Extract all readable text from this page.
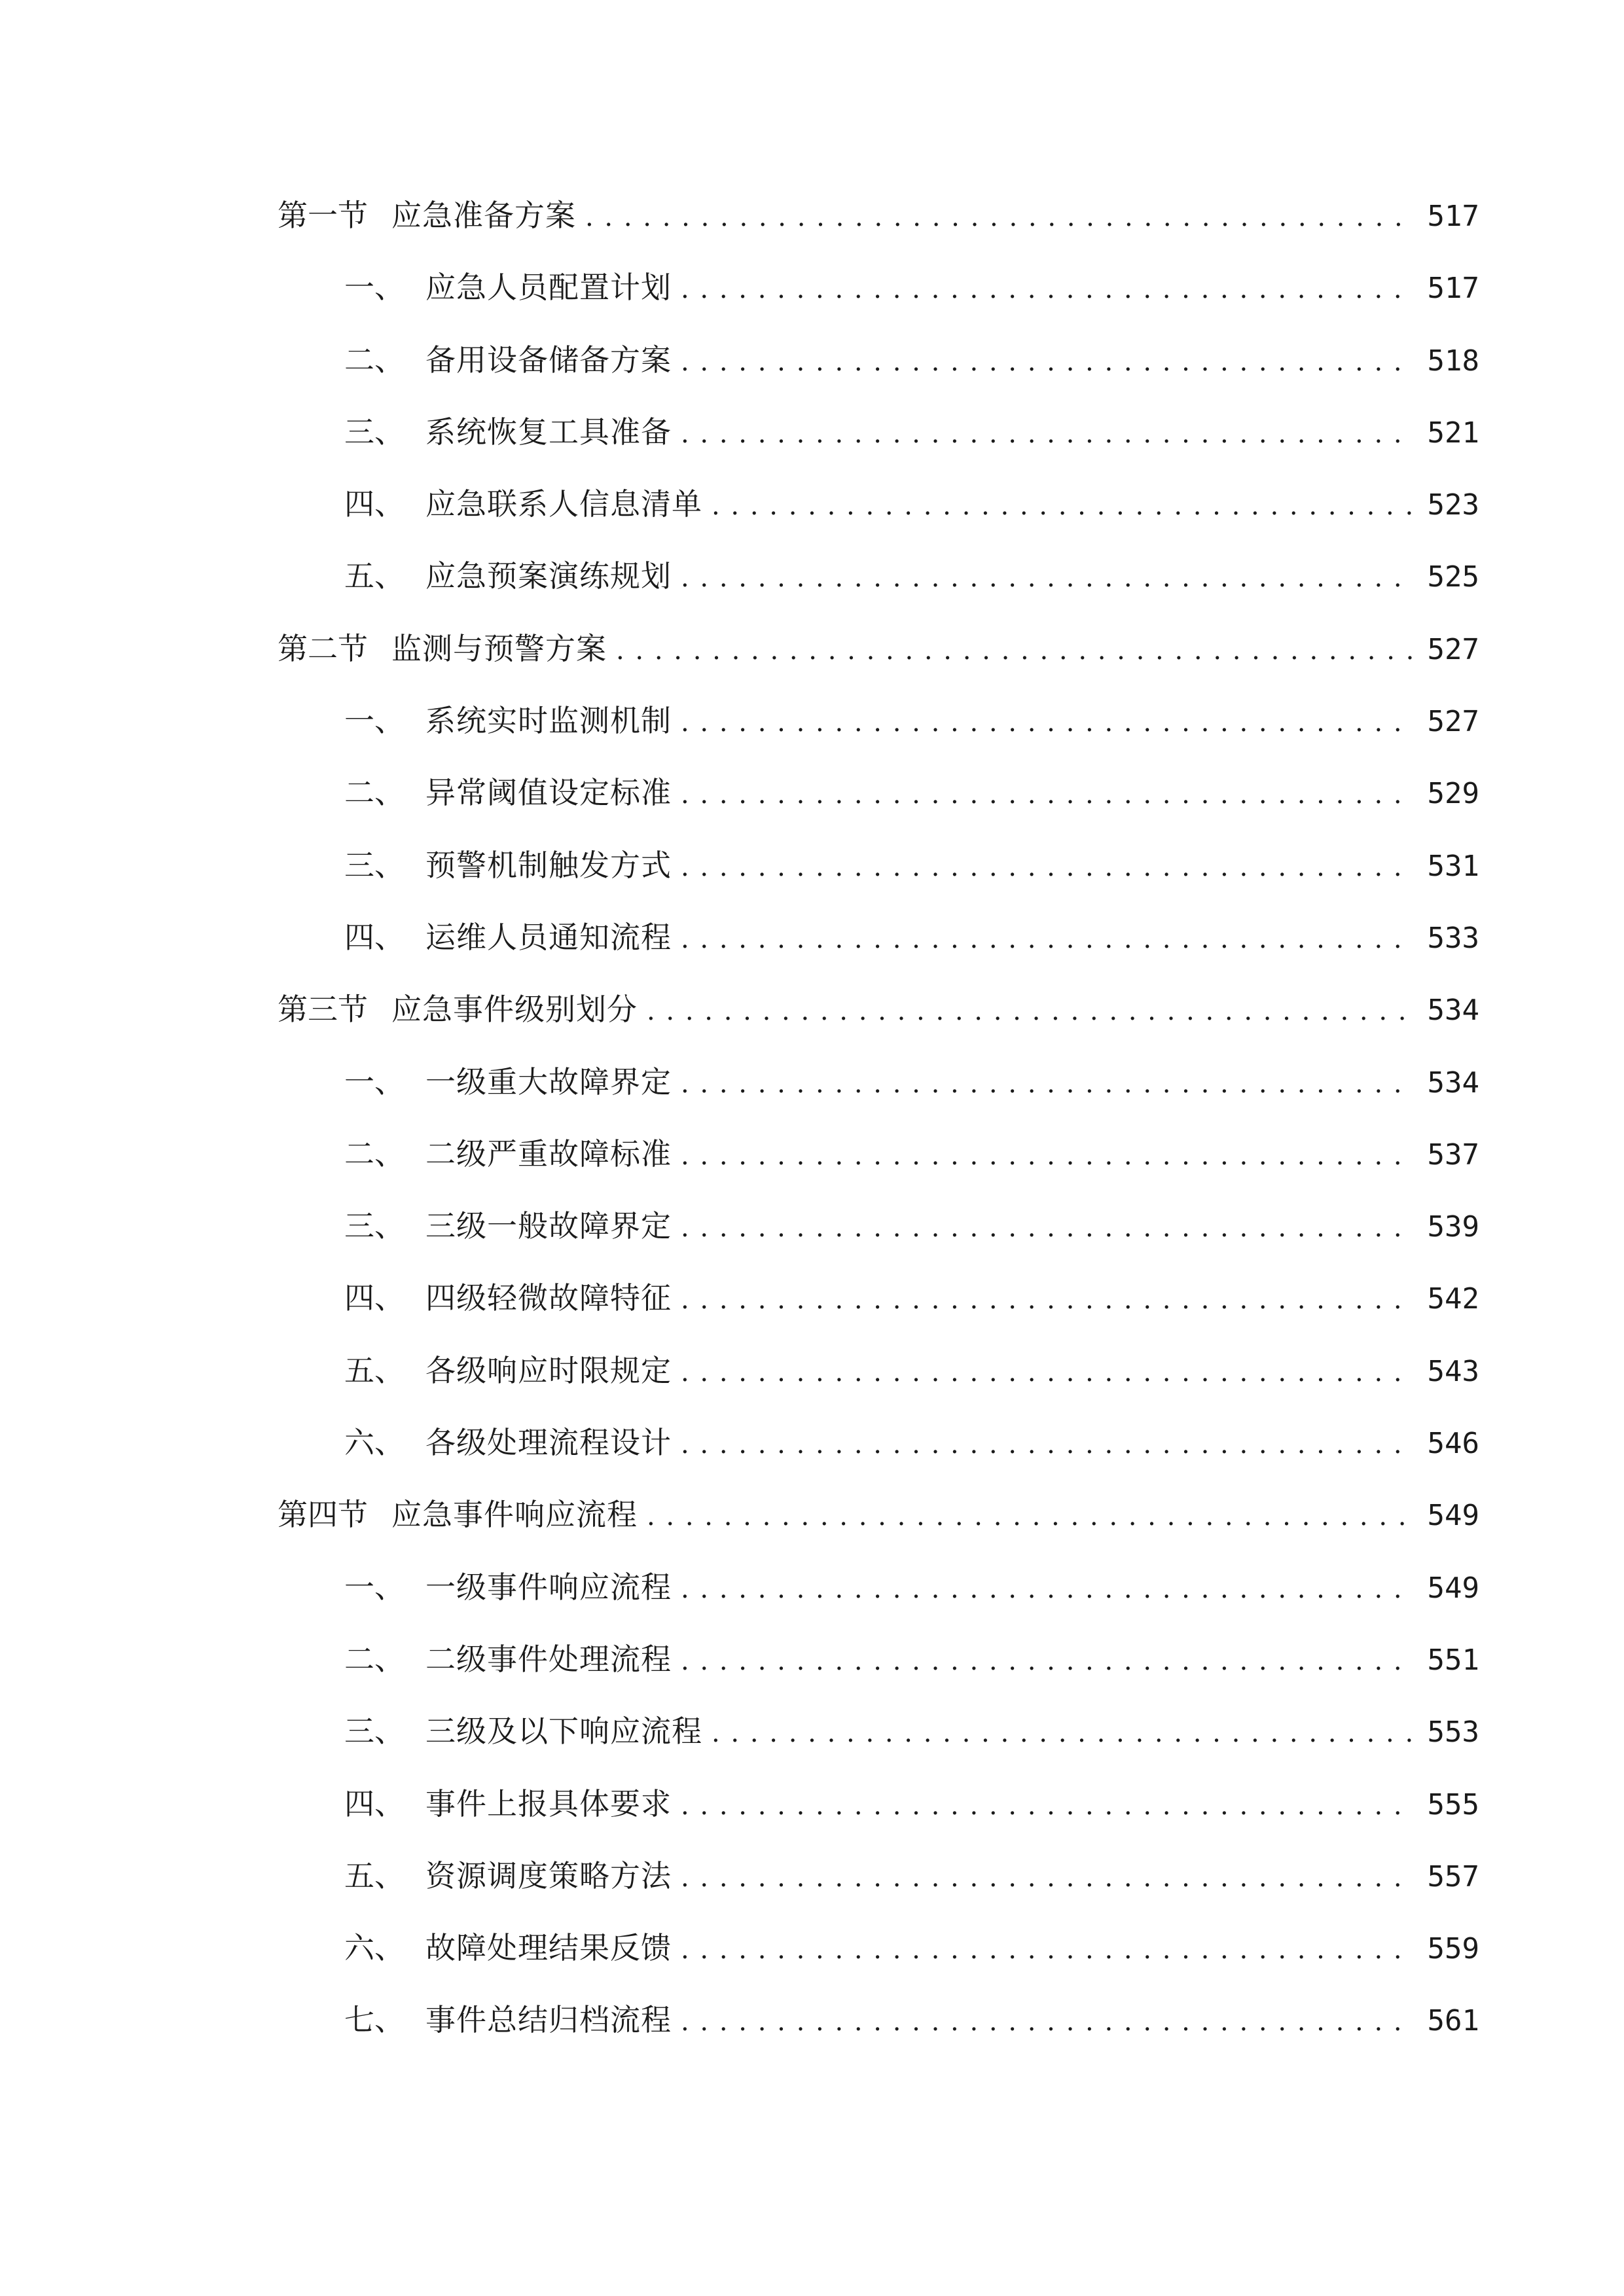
第一节 应急准备方案 . . .	517
一、 应急人员配置计划 . . .	517
二、 备用设备储备方案 . . .	518
三、 系统恢复工具准备 . . .	521
四、 应急联系人信息清单 . . .	523
五、 应急预案演练规划 . . .	525
第二节 监测与预警方案 . . .	527
一、 系统实时监测机制 . . .	527
二、 异常阈值设定标准 . . .	529
三、 预警机制触发方式 . . .	531
四、 运维人员通知流程 . . .	533
第三节 应急事件级别划分 . . .	534
一、 一级重大故障界定 . . .	534
二、 二级严重故障标准 . . .	537
三、 三级一般故障界定 . . .	539
四、 四级轻微故障特征 . . .	542
五、 各级响应时限规定 . . .	543
六、 各级处理流程设计 . . .	546
第四节 应急事件响应流程 . . .	549
一、 一级事件响应流程 . . .	549
二、 二级事件处理流程 . . .	551
三、 三级及以下响应流程 . . .	553
四、 事件上报具体要求 . . .	555
五、 资源调度策略方法 . . .	557
六、 故障处理结果反馈 . . .	559
七、 事件总结归档流程 . . .	561
